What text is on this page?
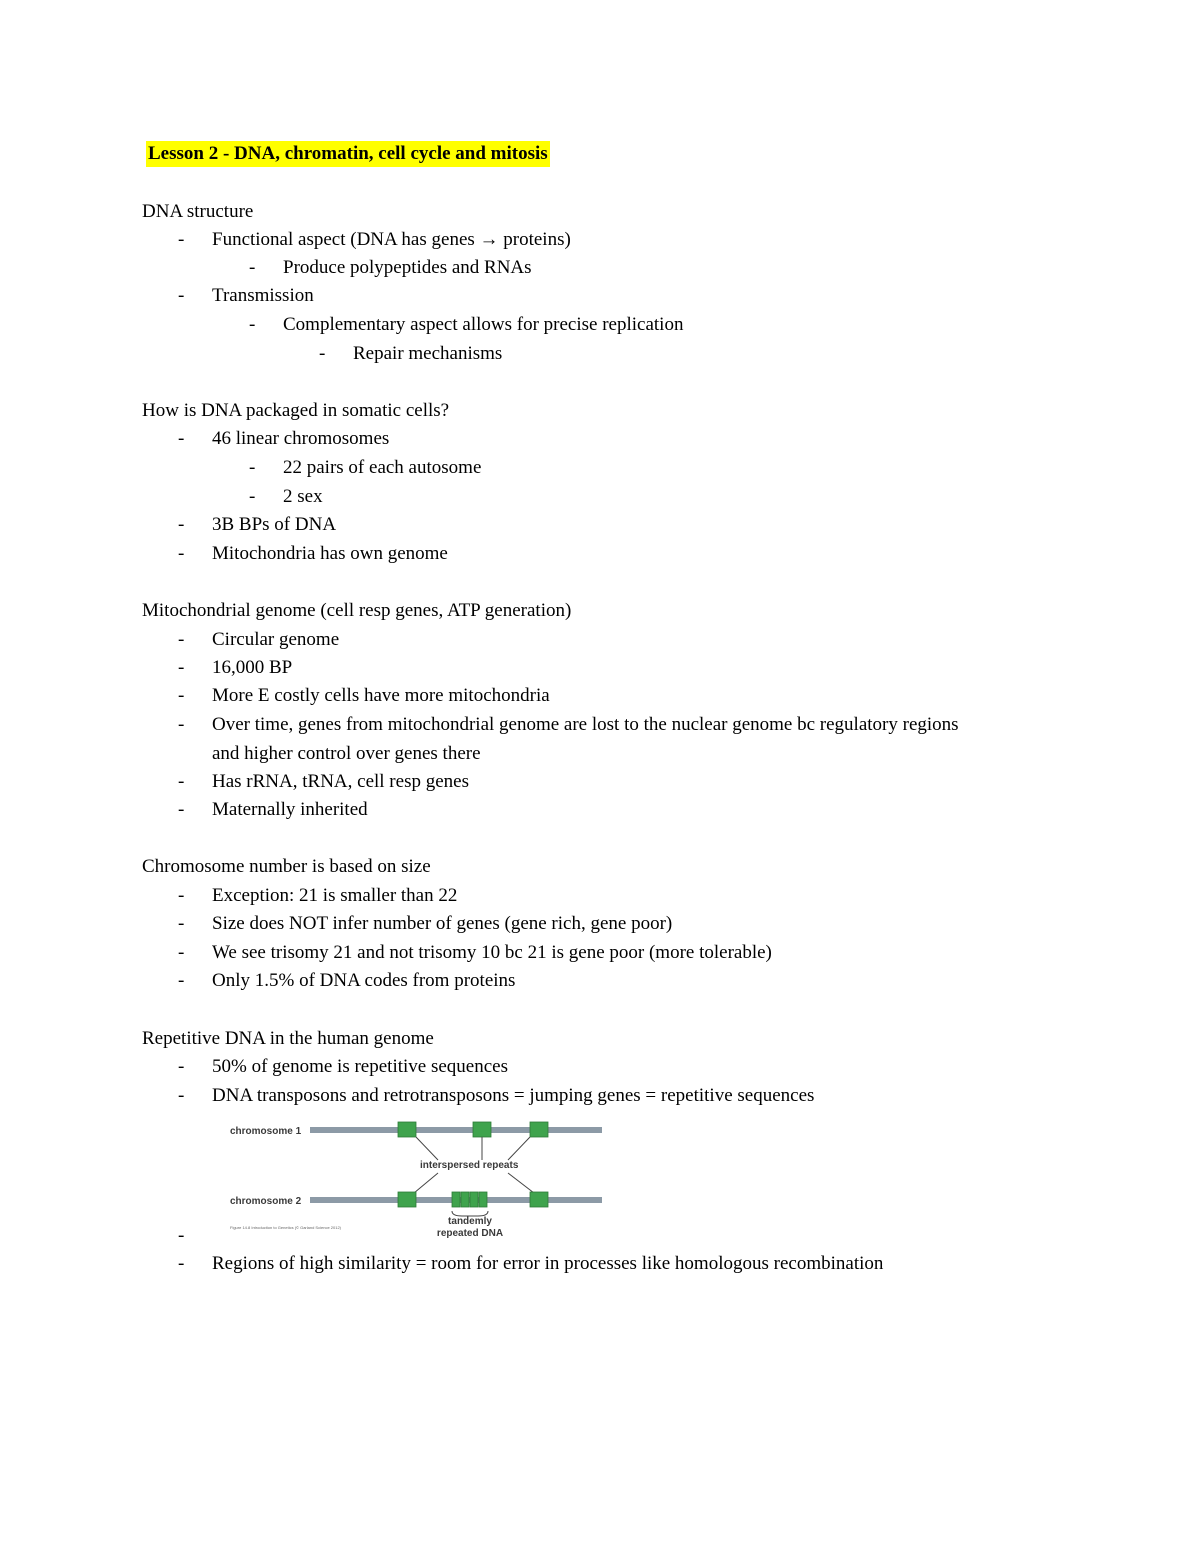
Lesson 2 - DNA, chromatin, cell cycle and mitosis
DNA structure
- Functional aspect (DNA has genes → proteins)
- Produce polypeptides and RNAs
- Transmission
- Complementary aspect allows for precise replication
- Repair mechanisms
How is DNA packaged in somatic cells?
- 46 linear chromosomes
- 22 pairs of each autosome
- 2 sex
- 3B BPs of DNA
- Mitochondria has own genome
Mitochondrial genome (cell resp genes, ATP generation)
- Circular genome
- 16,000 BP
- More E costly cells have more mitochondria
- Over time, genes from mitochondrial genome are lost to the nuclear genome bc regulatory regions
and higher control over genes there
- Has rRNA, tRNA, cell resp genes
- Maternally inherited
Chromosome number is based on size
- Exception: 21 is smaller than 22
- Size does NOT infer number of genes (gene rich, gene poor)
- We see trisomy 21 and not trisomy 10 bc 21 is gene poor (more tolerable)
- Only 1.5% of DNA codes from proteins
Repetitive DNA in the human genome
- 50% of genome is repetitive sequences
- DNA transposons and retrotransposons = jumping genes = repetitive sequences
chromosome 1
interspersed repeats
chromosome 2
tandemly
repeated DNA
Figure 14.8 Introduction to Genetics (© Garland Science 2012)
-
- Regions of high similarity = room for error in processes like homologous recombination
